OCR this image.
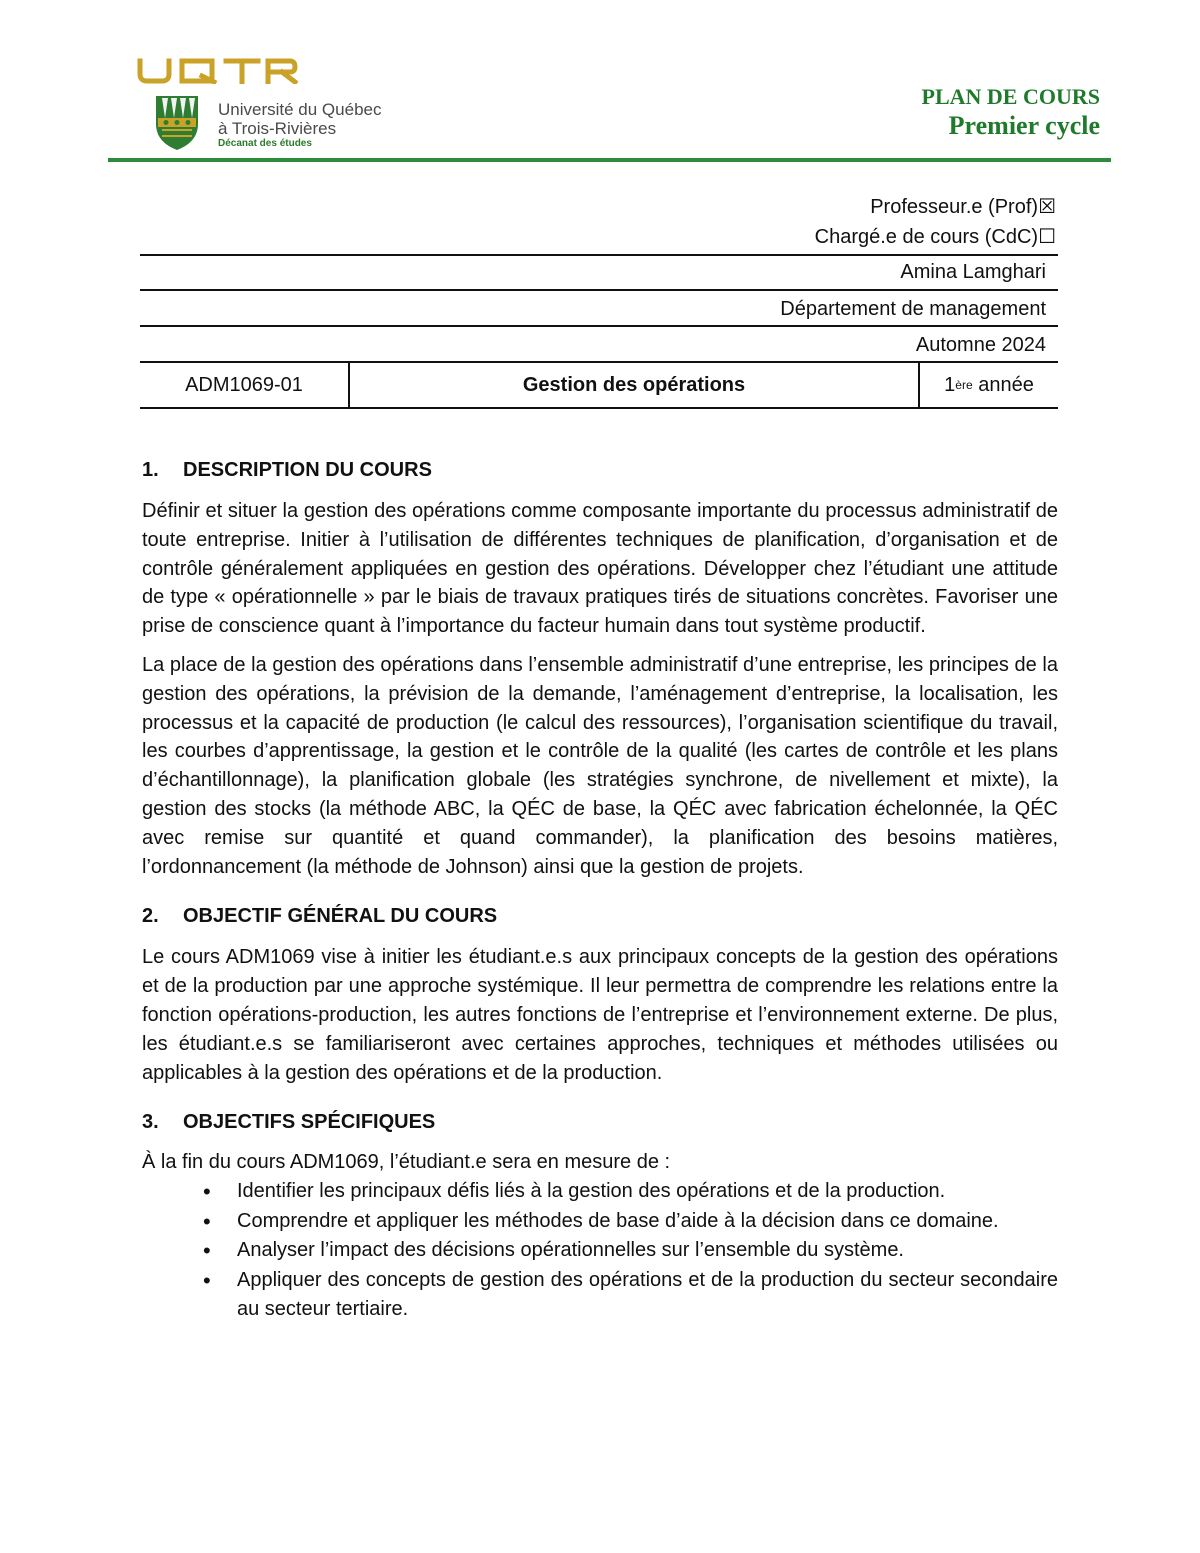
Université du Québec
à Trois-Rivières
Décanat des études
PLAN DE COURS
Premier cycle
Professeur.e (Prof)☒
Chargé.e de cours (CdC)☐
Amina Lamghari
Département de management
Automne 2024
ADM1069-01	Gestion des opérations	1 ère
année
1. DESCRIPTION DU COURS

Définir et situer la gestion des opérations comme composante importante du processus administratif de toute entreprise. Initier à l’utilisation de différentes techniques de planification, d’organisation et de contrôle généralement appliquées en gestion des opérations. Développer chez l’étudiant une attitude de type « opérationnelle » par le biais de travaux pratiques tirés de situations concrètes. Favoriser une prise de conscience quant à l’importance du facteur humain dans tout système productif.

La place de la gestion des opérations dans l’ensemble administratif d’une entreprise, les principes de la gestion des opérations, la prévision de la demande, l’aménagement d’entreprise, la localisation, les processus et la capacité de production (le calcul des ressources), l’organisation scientifique du travail, les courbes d’apprentissage, la gestion et le contrôle de la qualité (les cartes de contrôle et les plans d’échantillonnage), la planification globale (les stratégies synchrone, de nivellement et mixte), la gestion des stocks (la méthode ABC, la QÉC de base, la QÉC avec fabrication échelonnée, la QÉC avec remise sur quantité et quand commander), la planification des besoins matières, l’ordonnancement (la méthode de Johnson) ainsi que la gestion de projets.

2. OBJECTIF GÉNÉRAL DU COURS

Le cours ADM1069 vise à initier les étudiant.e.s aux principaux concepts de la gestion des opérations et de la production par une approche systémique. Il leur permettra de comprendre les relations entre la fonction opérations-production, les autres fonctions de l’entreprise et l’environnement externe. De plus, les étudiant.e.s se familiariseront avec certaines approches, techniques et méthodes utilisées ou applicables à la gestion des opérations et de la production.

3. OBJECTIFS SPÉCIFIQUES
À la fin du cours ADM1069, l’étudiant.e sera en mesure de :
• Identifier les principaux défis liés à la gestion des opérations et de la production.
• Comprendre et appliquer les méthodes de base d’aide à la décision dans ce domaine.
• Analyser l’impact des décisions opérationnelles sur l’ensemble du système.
• Appliquer des concepts de gestion des opérations et de la production du secteur secondaire au secteur tertiaire.
